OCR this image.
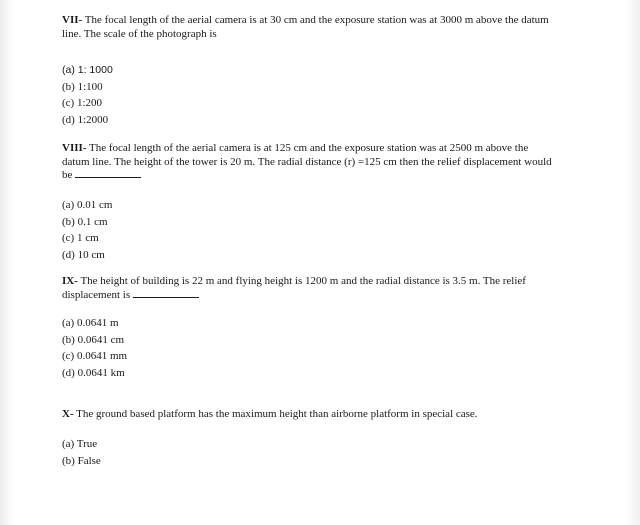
VII- The focal length of the aerial camera is at 30 cm and the exposure station was at 3000 m above the datum line. The scale of the photograph is
(a) 1: 1000
(b) 1:100
(c) 1:200
(d) 1:2000
VIII- The focal length of the aerial camera is at 125 cm and the exposure station was at 2500 m above the datum line. The height of the tower is 20 m. The radial distance (r) =125 cm then the relief displacement would be
(a) 0.01 cm
(b) 0.1 cm
(c) 1 cm
(d) 10 cm
IX- The height of building is 22 m and flying height is 1200 m and the radial distance is 3.5 m. The relief displacement is
(a) 0.0641 m
(b) 0.0641 cm
(c) 0.0641 mm
(d) 0.0641 km
X- The ground based platform has the maximum height than airborne platform in special case.
(a) True
(b) False
